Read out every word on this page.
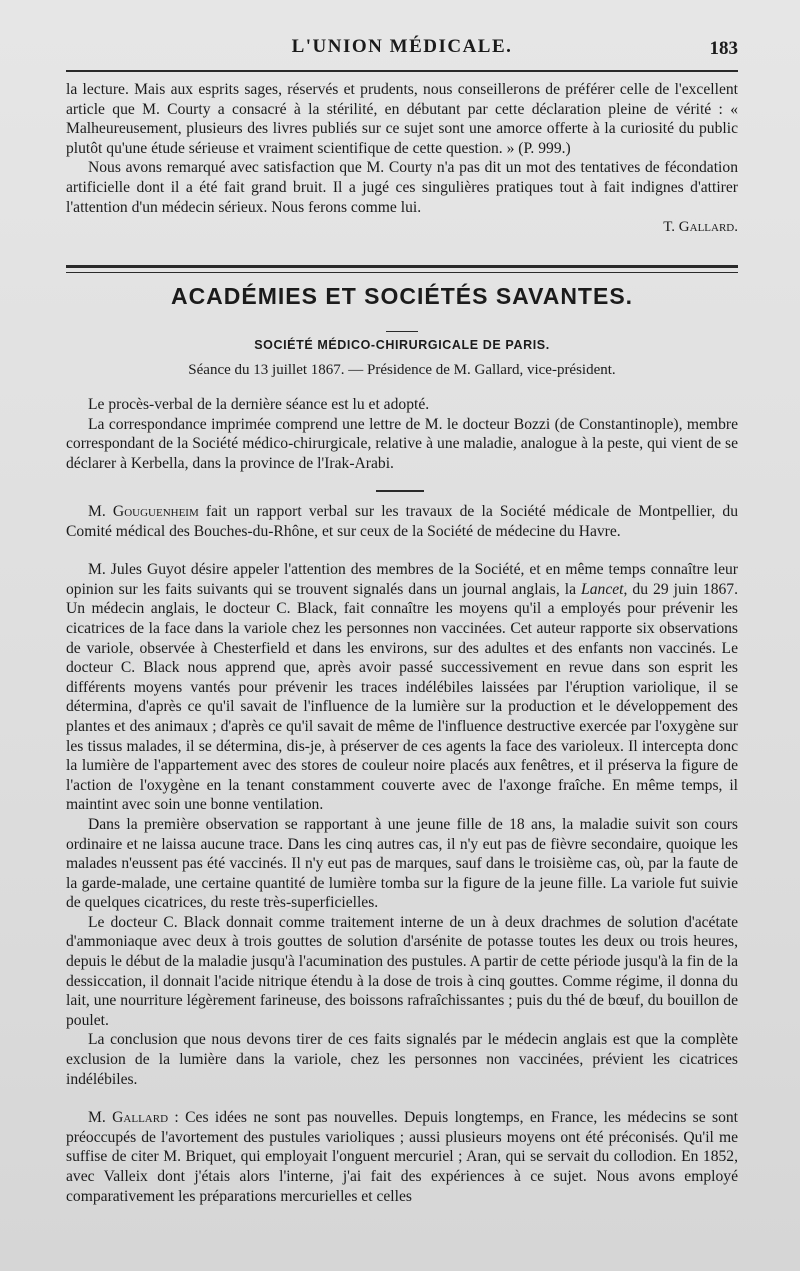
L'UNION MÉDICALE.	183

la lecture. Mais aux esprits sages, réservés et prudents, nous conseillerons de préférer celle de l'excellent article que M. Courty a consacré à la stérilité, en débutant par cette déclaration pleine de vérité : « Malheureusement, plusieurs des livres publiés sur ce sujet sont une amorce offerte à la curiosité du public plutôt qu'une étude sérieuse et vraiment scientifique de cette question. » (P. 999.)

Nous avons remarqué avec satisfaction que M. Courty n'a pas dit un mot des tentatives de fécondation artificielle dont il a été fait grand bruit. Il a jugé ces singulières pratiques tout à fait indignes d'attirer l'attention d'un médecin sérieux. Nous ferons comme lui.

T. Gallard.

ACADÉMIES ET SOCIÉTÉS SAVANTES.
SOCIÉTÉ MÉDICO-CHIRURGICALE DE PARIS.
Séance du 13 juillet 1867. — Présidence de M. Gallard, vice-président.

Le procès-verbal de la dernière séance est lu et adopté.

La correspondance imprimée comprend une lettre de M. le docteur Bozzi (de Constantinople), membre correspondant de la Société médico-chirurgicale, relative à une maladie, analogue à la peste, qui vient de se déclarer à Kerbella, dans la province de l'Irak-Arabi.

M. Gouguenheim fait un rapport verbal sur les travaux de la Société médicale de Montpellier, du Comité médical des Bouches-du-Rhône, et sur ceux de la Société de médecine du Havre.

M. Jules Guyot désire appeler l'attention des membres de la Société, et en même temps connaître leur opinion sur les faits suivants qui se trouvent signalés dans un journal anglais, la Lancet, du 29 juin 1867. Un médecin anglais, le docteur C. Black, fait connaître les moyens qu'il a employés pour prévenir les cicatrices de la face dans la variole chez les personnes non vaccinées. Cet auteur rapporte six observations de variole, observée à Chesterfield et dans les environs, sur des adultes et des enfants non vaccinés. Le docteur C. Black nous apprend que, après avoir passé successivement en revue dans son esprit les différents moyens vantés pour prévenir les traces indélébiles laissées par l'éruption variolique, il se détermina, d'après ce qu'il savait de l'influence de la lumière sur la production et le développement des plantes et des animaux ; d'après ce qu'il savait de même de l'influence destructive exercée par l'oxygène sur les tissus malades, il se détermina, dis-je, à préserver de ces agents la face des varioleux. Il intercepta donc la lumière de l'appartement avec des stores de couleur noire placés aux fenêtres, et il préserva la figure de l'action de l'oxygène en la tenant constamment couverte avec de l'axonge fraîche. En même temps, il maintint avec soin une bonne ventilation.

Dans la première observation se rapportant à une jeune fille de 18 ans, la maladie suivit son cours ordinaire et ne laissa aucune trace. Dans les cinq autres cas, il n'y eut pas de fièvre secondaire, quoique les malades n'eussent pas été vaccinés. Il n'y eut pas de marques, sauf dans le troisième cas, où, par la faute de la garde-malade, une certaine quantité de lumière tomba sur la figure de la jeune fille. La variole fut suivie de quelques cicatrices, du reste très-superficielles.

Le docteur C. Black donnait comme traitement interne de un à deux drachmes de solution d'acétate d'ammoniaque avec deux à trois gouttes de solution d'arsénite de potasse toutes les deux ou trois heures, depuis le début de la maladie jusqu'à l'acumination des pustules. A partir de cette période jusqu'à la fin de la dessiccation, il donnait l'acide nitrique étendu à la dose de trois à cinq gouttes. Comme régime, il donna du lait, une nourriture légèrement farineuse, des boissons rafraîchissantes ; puis du thé de bœuf, du bouillon de poulet.

La conclusion que nous devons tirer de ces faits signalés par le médecin anglais est que la complète exclusion de la lumière dans la variole, chez les personnes non vaccinées, prévient les cicatrices indélébiles.

M. Gallard : Ces idées ne sont pas nouvelles. Depuis longtemps, en France, les médecins se sont préoccupés de l'avortement des pustules varioliques ; aussi plusieurs moyens ont été préconisés. Qu'il me suffise de citer M. Briquet, qui employait l'onguent mercuriel ; Aran, qui se servait du collodion. En 1852, avec Valleix dont j'étais alors l'interne, j'ai fait des expériences à ce sujet. Nous avons employé comparativement les préparations mercurielles et celles
